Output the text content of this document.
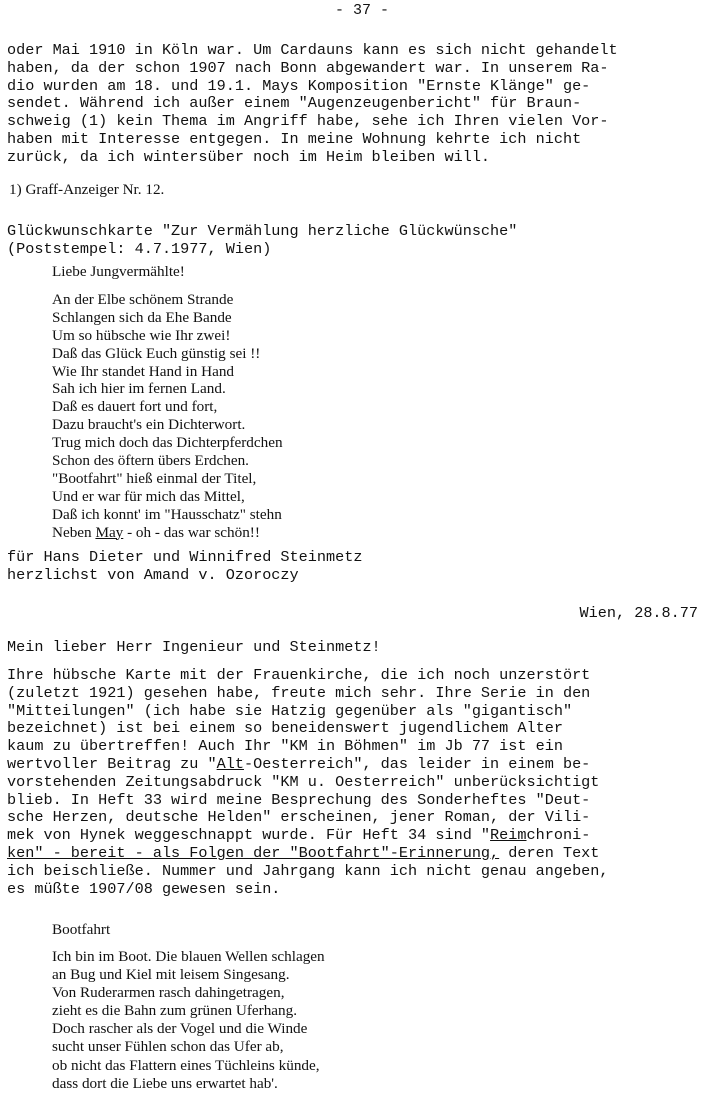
- 37 -
oder Mai 1910 in Köln war. Um Cardauns kann es sich nicht gehandelt
haben, da der schon 1907 nach Bonn abgewandert war. In unserem Ra-
dio wurden am 18. und 19.1. Mays Komposition "Ernste Klänge" ge-
sendet. Während ich außer einem "Augenzeugenbericht" für Braun-
schweig (1) kein Thema im Angriff habe, sehe ich Ihren vielen Vor-
haben mit Interesse entgegen. In meine Wohnung kehrte ich nicht
zurück, da ich wintersüber noch im Heim bleiben will.
1) Graff-Anzeiger Nr. 12.
Glückwunschkarte "Zur Vermählung herzliche Glückwünsche"
(Poststempel: 4.7.1977, Wien)
Liebe Jungvermählte!
An der Elbe schönem Strande
Schlangen sich da Ehe Bande
Um so hübsche wie Ihr zwei!
Daß das Glück Euch günstig sei !!
Wie Ihr standet Hand in Hand
Sah ich hier im fernen Land.
Daß es dauert fort und fort,
Dazu braucht's ein Dichterwort.
Trug mich doch das Dichterpferdchen
Schon des öftern übers Erdchen.
"Bootfahrt" hieß einmal der Titel,
Und er war für mich das Mittel,
Daß ich konnt' im "Hausschatz" stehn
Neben May - oh - das war schön!!
für Hans Dieter und Winnifred Steinmetz
herzlichst von Amand v. Ozoroczy
Wien, 28.8.77
Mein lieber Herr Ingenieur und Steinmetz!
Ihre hübsche Karte mit der Frauenkirche, die ich noch unzerstört
(zuletzt 1921) gesehen habe, freute mich sehr. Ihre Serie in den
"Mitteilungen" (ich habe sie Hatzig gegenüber als "gigantisch"
bezeichnet) ist bei einem so beneidenswert jugendlichem Alter
kaum zu übertreffen! Auch Ihr "KM in Böhmen" im Jb 77 ist ein
wertvoller Beitrag zu "Alt-Oesterreich", das leider in einem be-
vorstehenden Zeitungsabdruck "KM u. Oesterreich" unberücksichtigt
blieb. In Heft 33 wird meine Besprechung des Sonderheftes "Deut-
sche Herzen, deutsche Helden" erscheinen, jener Roman, der Vili-
mek von Hynek weggeschnappt wurde. Für Heft 34 sind "Reimchroni-
ken" - bereit - als Folgen der "Bootfahrt"-Erinnerung, deren Text
ich beischließe. Nummer und Jahrgang kann ich nicht genau angeben,
es müßte 1907/08 gewesen sein.
Bootfahrt
Ich bin im Boot. Die blauen Wellen schlagen
an Bug und Kiel mit leisem Singesang.
Von Ruderarmen rasch dahingetragen,
zieht es die Bahn zum grünen Uferhang.
Doch rascher als der Vogel und die Winde
sucht unser Fühlen schon das Ufer ab,
ob nicht das Flattern eines Tüchleins künde,
dass dort die Liebe uns erwartet hab'.
